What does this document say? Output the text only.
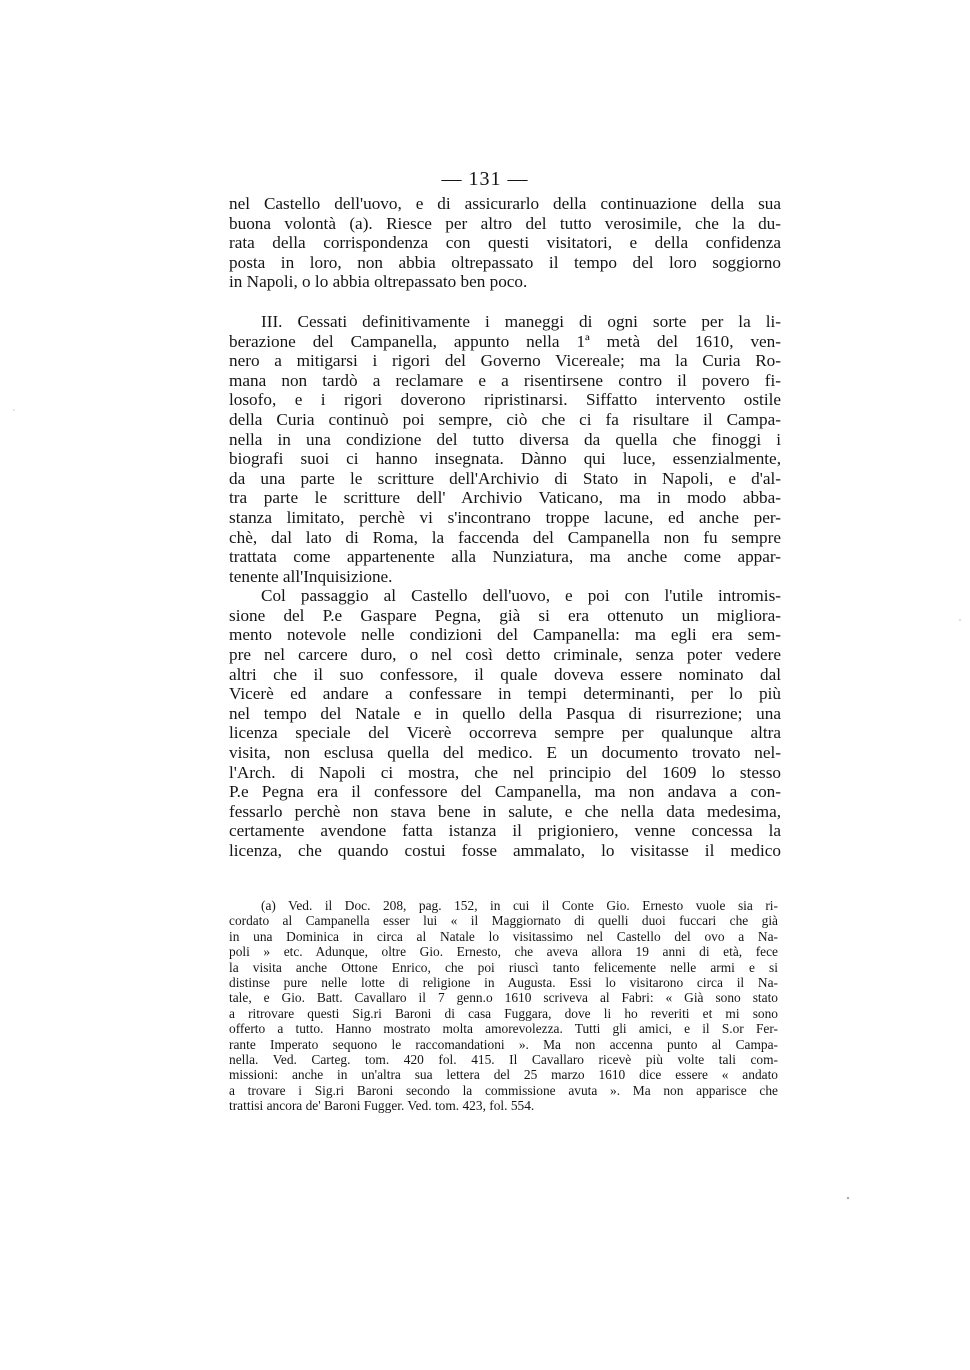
— 131 —
nel Castello dell'uovo, e di assicurarlo della continuazione della sua
buona volontà (a). Riesce per altro del tutto verosimile, che la du-
rata della corrispondenza con questi visitatori, e della confidenza
posta in loro, non abbia oltrepassato il tempo del loro soggiorno
in Napoli, o lo abbia oltrepassato ben poco.
III. Cessati definitivamente i maneggi di ogni sorte per la li-
berazione del Campanella, appunto nella 1ª metà del 1610, ven-
nero a mitigarsi i rigori del Governo Vicereale; ma la Curia Ro-
mana non tardò a reclamare e a risentirsene contro il povero fi-
losofo, e i rigori doverono ripristinarsi. Siffatto intervento ostile
della Curia continuò poi sempre, ciò che ci fa risultare il Campa-
nella in una condizione del tutto diversa da quella che finoggi i
biografi suoi ci hanno insegnata. Dànno qui luce, essenzialmente,
da una parte le scritture dell'Archivio di Stato in Napoli, e d'al-
tra parte le scritture dell' Archivio Vaticano, ma in modo abba-
stanza limitato, perchè vi s'incontrano troppe lacune, ed anche per-
chè, dal lato di Roma, la faccenda del Campanella non fu sempre
trattata come appartenente alla Nunziatura, ma anche come appar-
tenente all'Inquisizione.
Col passaggio al Castello dell'uovo, e poi con l'utile intromis-
sione del P.e Gaspare Pegna, già si era ottenuto un migliora-
mento notevole nelle condizioni del Campanella: ma egli era sem-
pre nel carcere duro, o nel così detto criminale, senza poter vedere
altri che il suo confessore, il quale doveva essere nominato dal
Vicerè ed andare a confessare in tempi determinanti, per lo più
nel tempo del Natale e in quello della Pasqua di risurrezione; una
licenza speciale del Vicerè occorreva sempre per qualunque altra
visita, non esclusa quella del medico. E un documento trovato nel-
l'Arch. di Napoli ci mostra, che nel principio del 1609 lo stesso
P.e Pegna era il confessore del Campanella, ma non andava a con-
fessarlo perchè non stava bene in salute, e che nella data medesima,
certamente avendone fatta istanza il prigioniero, venne concessa la
licenza, che quando costui fosse ammalato, lo visitasse il medico
(a) Ved. il Doc. 208, pag. 152, in cui il Conte Gio. Ernesto vuole sia ri-
cordato al Campanella esser lui « il Maggiornato di quelli duoi fuccari che già
in una Dominica in circa al Natale lo visitassimo nel Castello del ovo a Na-
poli » etc. Adunque, oltre Gio. Ernesto, che aveva allora 19 anni di età, fece
la visita anche Ottone Enrico, che poi riuscì tanto felicemente nelle armi e si
distinse pure nelle lotte di religione in Augusta. Essi lo visitarono circa il Na-
tale, e Gio. Batt. Cavallaro il 7 genn.o 1610 scriveva al Fabri: « Già sono stato
a ritrovare questi Sig.ri Baroni di casa Fuggara, dove li ho reveriti et mi sono
offerto a tutto. Hanno mostrato molta amorevolezza. Tutti gli amici, e il S.or Fer-
rante Imperato sequono le raccomandationi ». Ma non accenna punto al Campa-
nella. Ved. Carteg. tom. 420 fol. 415. Il Cavallaro ricevè più volte tali com-
missioni: anche in un'altra sua lettera del 25 marzo 1610 dice essere « andato
a trovare i Sig.ri Baroni secondo la commissione avuta ». Ma non apparisce che
trattisi ancora de' Baroni Fugger. Ved. tom. 423, fol. 554.
